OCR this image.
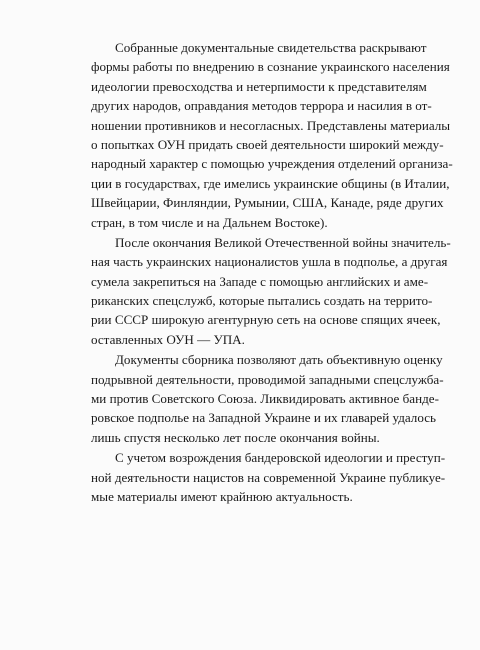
Собранные документальные свидетельства раскрывают
формы работы по внедрению в сознание украинского населения
идеологии превосходства и нетерпимости к представителям
других народов, оправдания методов террора и насилия в от-
ношении противников и несогласных. Представлены материалы
о попытках ОУН придать своей деятельности широкий между-
народный характер с помощью учреждения отделений организа-
ции в государствах, где имелись украинские общины (в Италии,
Швейцарии, Финляндии, Румынии, США, Канаде, ряде других
стран, в том числе и на Дальнем Востоке).
После окончания Великой Отечественной войны значитель-
ная часть украинских националистов ушла в подполье, а другая
сумела закрепиться на Западе с помощью английских и аме-
риканских спецслужб, которые пытались создать на террито-
рии СССР широкую агентурную сеть на основе спящих ячеек,
оставленных ОУН — УПА.
Документы сборника позволяют дать объективную оценку
подрывной деятельности, проводимой западными спецслужба-
ми против Советского Союза. Ликвидировать активное банде-
ровское подполье на Западной Украине и их главарей удалось
лишь спустя несколько лет после окончания войны.
С учетом возрождения бандеровской идеологии и преступ-
ной деятельности нацистов на современной Украине публикуе-
мые материалы имеют крайнюю актуальность.
